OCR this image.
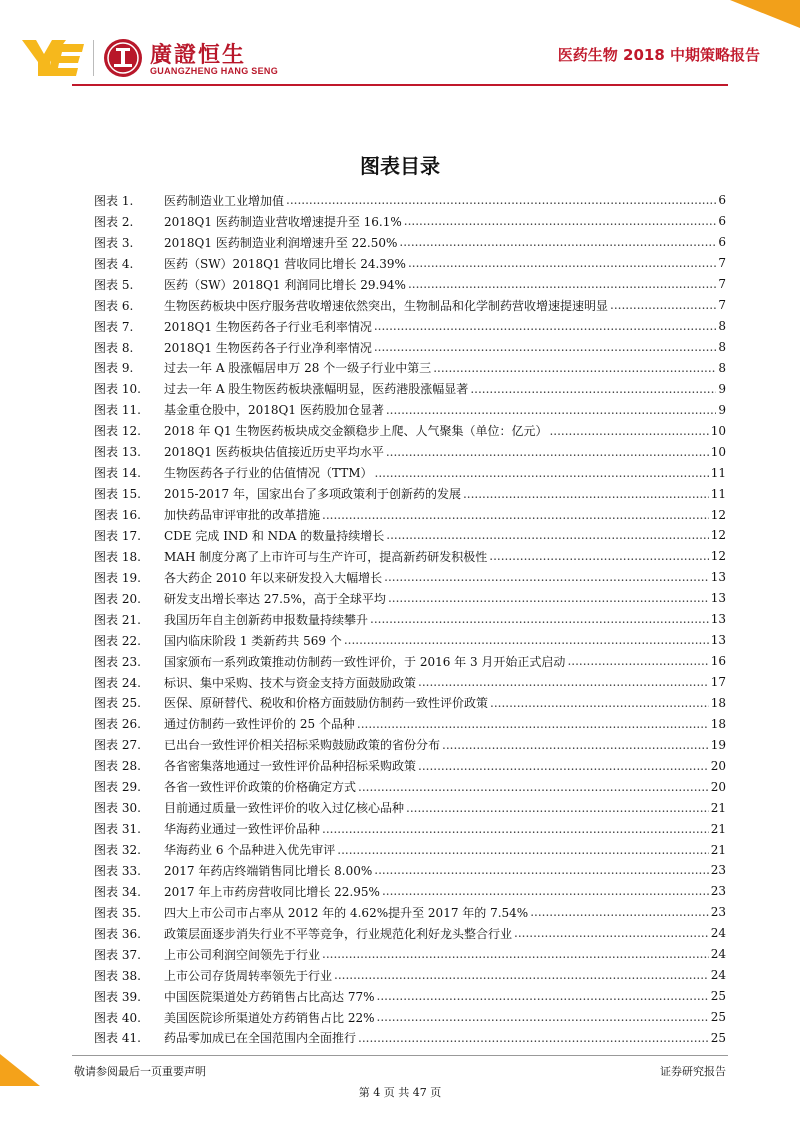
廣證恒生
GUANGZHENG HANG SENG
医药生物 2018 中期策略报告
图表目录
图表 1.	医药制造业工业增加值 .....	6
图表 2.	2018Q1 医药制造业营收增速提升至 16.1% .....	6
图表 3.	2018Q1 医药制造业利润增速升至 22.50% .....	6
图表 4.	医药（SW）2018Q1 营收同比增长 24.39% .....	7
图表 5.	医药（SW）2018Q1 利润同比增长 29.94% .....	7
图表 6.	生物医药板块中医疗服务营收增速依然突出，生物制品和化学制药营收增速提速明显 .....	7
图表 7.	2018Q1 生物医药各子行业毛利率情况 .....	8
图表 8.	2018Q1 生物医药各子行业净利率情况 .....	8
图表 9.	过去一年 A 股涨幅居申万 28 个一级子行业中第三 .....	8
图表 10.	过去一年 A 股生物医药板块涨幅明显，医药港股涨幅显著 .....	9
图表 11.	基金重仓股中，2018Q1 医药股加仓显著 .....	9
图表 12.	2018 年 Q1 生物医药板块成交金额稳步上爬、人气聚集（单位：亿元） .....	10
图表 13.	2018Q1 医药板块估值接近历史平均水平 .....	10
图表 14.	生物医药各子行业的估值情况（TTM） .....	11
图表 15.	2015-2017 年，国家出台了多项政策利于创新药的发展 .....	11
图表 16.	加快药品审评审批的改革措施 .....	12
图表 17.	CDE 完成 IND 和 NDA 的数量持续增长 .....	12
图表 18.	MAH 制度分离了上市许可与生产许可，提高新药研发积极性 .....	12
图表 19.	各大药企 2010 年以来研发投入大幅增长 .....	13
图表 20.	研发支出增长率达 27.5%，高于全球平均 .....	13
图表 21.	我国历年自主创新药申报数量持续攀升 .....	13
图表 22.	国内临床阶段 1 类新药共 569 个 .....	13
图表 23.	国家颁布一系列政策推动仿制药一致性评价，于 2016 年 3 月开始正式启动 .....	16
图表 24.	标识、集中采购、技术与资金支持方面鼓励政策 .....	17
图表 25.	医保、原研替代、税收和价格方面鼓励仿制药一致性评价政策 .....	18
图表 26.	通过仿制药一致性评价的 25 个品种 .....	18
图表 27.	已出台一致性评价相关招标采购鼓励政策的省份分布 .....	19
图表 28.	各省密集落地通过一致性评价品种招标采购政策 .....	20
图表 29.	各省一致性评价政策的价格确定方式 .....	20
图表 30.	目前通过质量一致性评价的收入过亿核心品种 .....	21
图表 31.	华海药业通过一致性评价品种 .....	21
图表 32.	华海药业 6 个品种进入优先审评 .....	21
图表 33.	2017 年药店终端销售同比增长 8.00% .....	23
图表 34.	2017 年上市药房营收同比增长 22.95% .....	23
图表 35.	四大上市公司市占率从 2012 年的 4.62%提升至 2017 年的 7.54% .....	23
图表 36.	政策层面逐步消失行业不平等竞争，行业规范化利好龙头整合行业 .....	24
图表 37.	上市公司利润空间领先于行业 .....	24
图表 38.	上市公司存货周转率领先于行业 .....	24
图表 39.	中国医院渠道处方药销售占比高达 77% .....	25
图表 40.	美国医院诊所渠道处方药销售占比 22% .....	25
图表 41.	药品零加成已在全国范围内全面推行 .....	25
敬请参阅最后一页重要声明	证券研究报告
第 4 页 共 47 页
